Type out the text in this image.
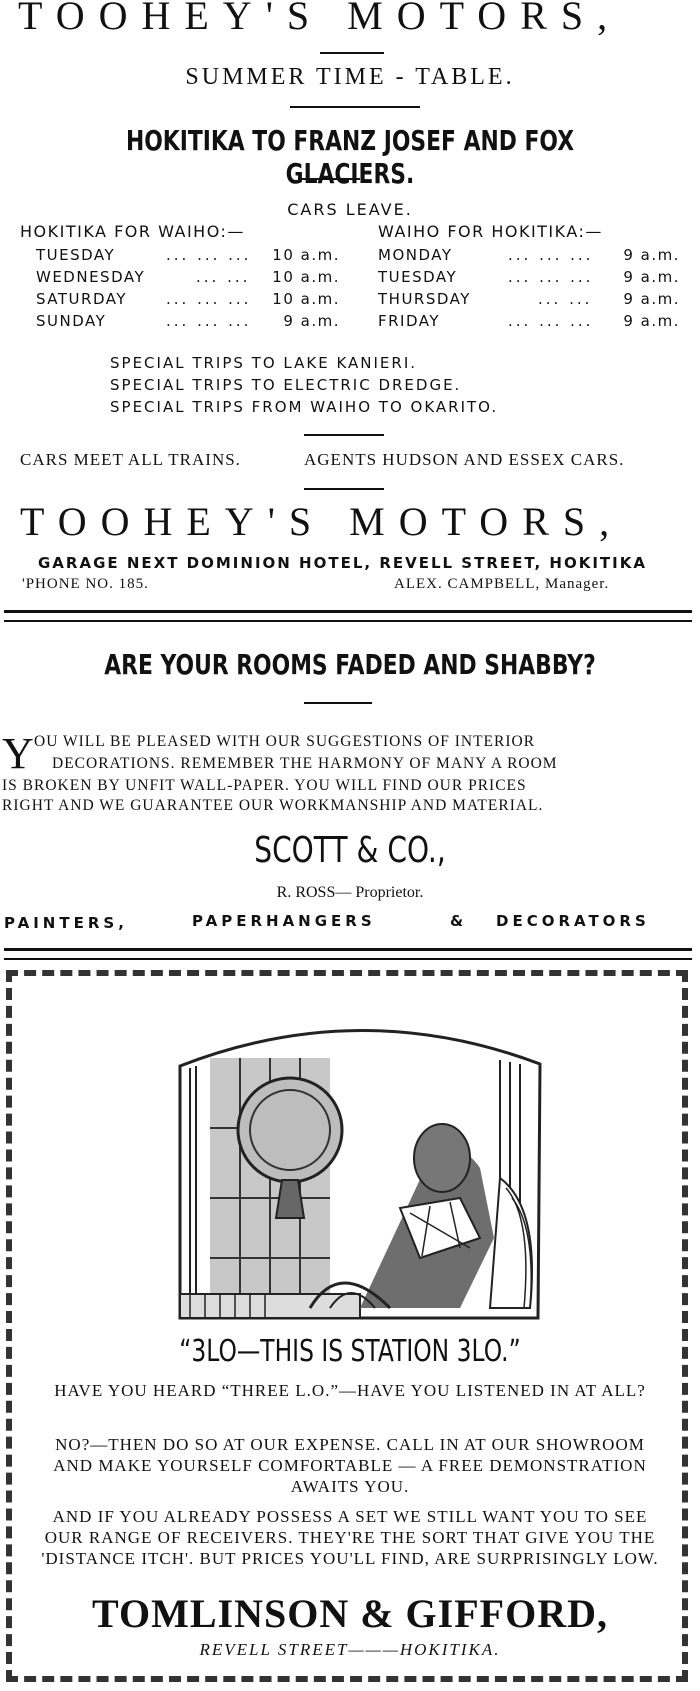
TOOHEY'S MOTORS,
SUMMER TIME - TABLE.
HOKITIKA TO FRANZ JOSEF AND FOX GLACIERS.
CARS LEAVE.
HOKITIKA FOR WAIHO:—	WAIHO FOR HOKITIKA:—
TUESDAY	... ... ... 10 a.m.
WEDNESDAY	... ... 10 a.m.
SATURDAY	... ... ... 10 a.m.
SUNDAY	... ... ... 9 a.m.
MONDAY	... ... ... 9 a.m.
TUESDAY	... ... ... 9 a.m.
THURSDAY	... ... 9 a.m.
FRIDAY	... ... ... 9 a.m.
SPECIAL TRIPS TO LAKE KANIERI.
SPECIAL TRIPS TO ELECTRIC DREDGE.
SPECIAL TRIPS FROM WAIHO TO OKARITO.
CARS MEET ALL TRAINS.	AGENTS HUDSON AND ESSEX CARS.
TOOHEY'S MOTORS,
GARAGE NEXT DOMINION HOTEL, REVELL STREET, HOKITIKA
'PHONE NO. 185.	ALEX. CAMPBELL, Manager.
ARE YOUR ROOMS FADED AND SHABBY?
Y OU WILL BE PLEASED WITH OUR SUGGESTIONS OF INTERIOR
DECORATIONS. REMEMBER THE HARMONY OF MANY A ROOM
IS BROKEN BY UNFIT WALL-PAPER. YOU WILL FIND OUR PRICES
RIGHT AND WE GUARANTEE OUR WORKMANSHIP AND MATERIAL.
SCOTT & CO.,
R. ROSS— Proprietor.
PAINTERS,	PAPERHANGERS	& DECORATORS
“3LO—THIS IS STATION 3LO.”
HAVE YOU HEARD “THREE L.O.”—HAVE YOU LISTENED IN AT ALL?
NO?—THEN DO SO AT OUR EXPENSE. CALL IN AT OUR SHOWROOM AND MAKE YOURSELF COMFORTABLE — A FREE DEMONSTRATION AWAITS YOU.
AND IF YOU ALREADY POSSESS A SET WE STILL WANT YOU TO SEE OUR RANGE OF RECEIVERS. THEY'RE THE SORT THAT GIVE YOU THE 'DISTANCE ITCH'. BUT PRICES YOU'LL FIND, ARE SURPRISINGLY LOW.
TOMLINSON & GIFFORD,
REVELL STREET———HOKITIKA.
